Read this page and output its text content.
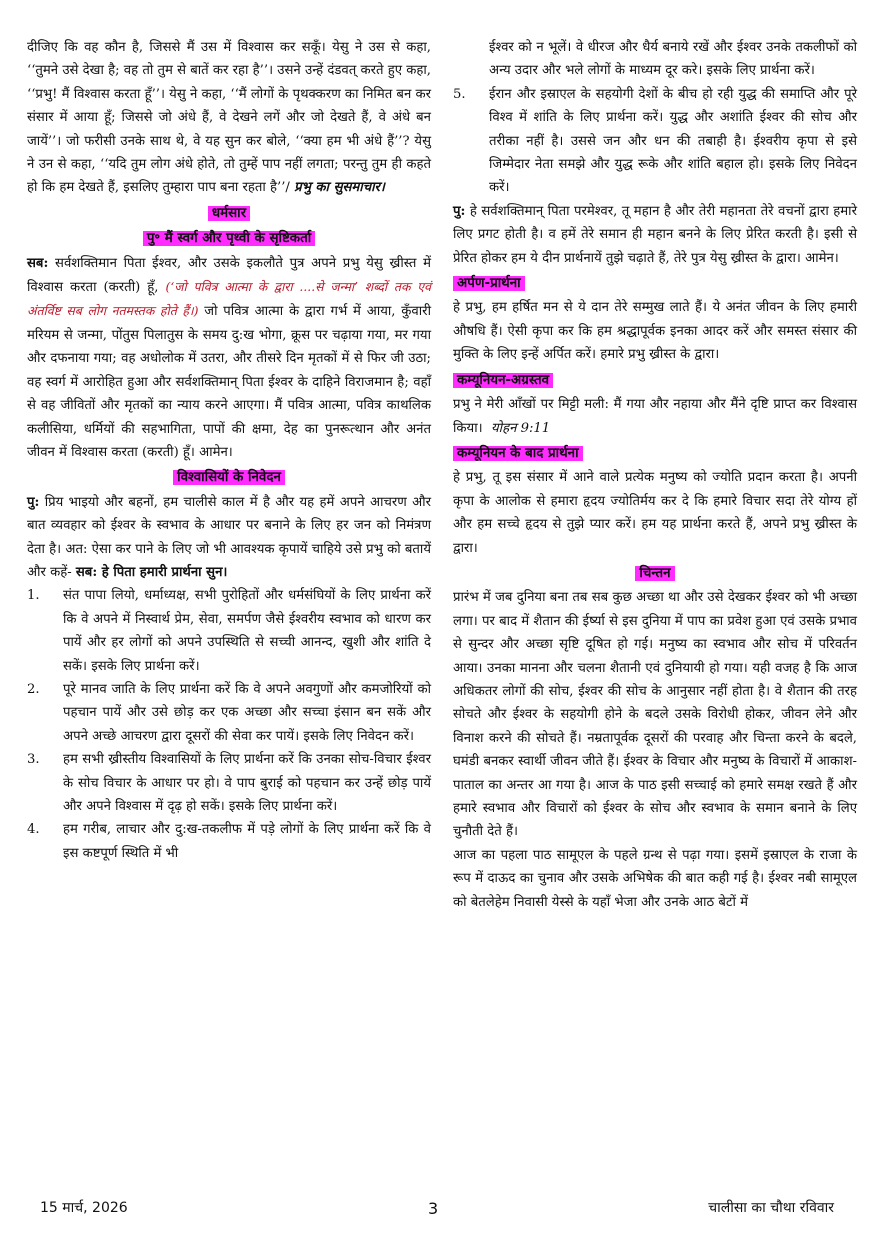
दीजिए कि वह कौन है, जिससे मैं उस में विश्वास कर सकूँ। येसु ने उस से कहा, ‘‘तुमने उसे देखा है; वह तो तुम से बातें कर रहा है’’। उसने उन्हें दंडवत् करते हुए कहा, ‘‘प्रभु! मैं विश्वास करता हूँ’’। येसु ने कहा, ‘‘मैं लोगों के पृथक्करण का निमित बन कर संसार में आया हूँ; जिससे जो अंधे हैं, वे देखने लगें और जो देखते हैं, वे अंधे बन जायें’’। जो फरीसी उनके साथ थे, वे यह सुन कर बोले, ‘‘क्या हम भी अंधे हैं’’? येसु ने उन से कहा, ‘‘यदि तुम लोग अंधे होते, तो तुम्हें पाप नहीं लगता; परन्तु तुम ही कहते हो कि हम देखते हैं, इसलिए तुम्हारा पाप बना रहता है’’/ प्रभु का सुसमाचार।

धर्मसार
पु॰ मैं स्वर्ग और पृथ्वी के सृष्टिकर्ता

सब: सर्वशक्तिमान पिता ईश्वर, और उसके इकलौते पुत्र अपने प्रभु येसु ख्रीस्त में विश्वास करता (करती) हूँ, (‘जो पवित्र आत्मा के द्वारा ....से जन्मा’ शब्दों तक एवं अंतर्विष्ट सब लोग नतमस्तक होते हैं।) जो पवित्र आत्मा के द्वारा गर्भ में आया, कुँवारी मरियम से जन्मा, पोंतुस पिलातुस के समय दु:ख भोगा, क्रूस पर चढ़ाया गया, मर गया और दफनाया गया; वह अधोलोक में उतरा, और तीसरे दिन मृतकों में से फिर जी उठा; वह स्वर्ग में आरोहित हुआ और सर्वशक्तिमान् पिता ईश्वर के दाहिने विराजमान है; वहाँ से वह जीवितों और मृतकों का न्याय करने आएगा। मैं पवित्र आत्मा, पवित्र काथलिक कलीसिया, धर्मियों की सहभागिता, पापों की क्षमा, देह का पुनरूत्थान और अनंत जीवन में विश्वास करता (करती) हूँ। आमेन।

विश्वासियों के निवेदन

पु: प्रिय भाइयो और बहनों, हम चालीसे काल में है और यह हमें अपने आचरण और बात व्यवहार को ईश्वर के स्वभाव के आधार पर बनाने के लिए हर जन को निमंत्रण देता है। अत: ऐसा कर पाने के लिए जो भी आवश्यक कृपायें चाहिये उसे प्रभु को बतायें और कहें- सब: हे पिता हमारी प्रार्थना सुन।

1.	संत पापा लियो, धर्माध्यक्ष, सभी पुरोहितों और धर्मसंघियों के लिए प्रार्थना करें कि वे अपने में निस्वार्थ प्रेम, सेवा, समर्पण जैसे ईश्वरीय स्वभाव को धारण कर पायें और हर लोगों को अपने उपस्थिति से सच्ची आनन्द, खुशी और शांति दे सकें। इसके लिए प्रार्थना करें।
2.	पूरे मानव जाति के लिए प्रार्थना करें कि वे अपने अवगुणों और कमजोरियों को पहचान पायें और उसे छोड़ कर एक अच्छा और सच्चा इंसान बन सकें और अपने अच्छे आचरण द्वारा दूसरों की सेवा कर पायें। इसके लिए निवेदन करें।
3.	हम सभी ख्रीस्तीय विश्वासियों के लिए प्रार्थना करें कि उनका सोच-विचार ईश्वर के सोच विचार के आधार पर हो। वे पाप बुराई को पहचान कर उन्हें छोड़ पायें और अपने विश्वास में दृढ़ हो सकें। इसके लिए प्रार्थना करें।
4.	हम गरीब, लाचार और दु:ख-तकलीफ में पड़े लोगों के लिए प्रार्थना करें कि वे इस कष्टपूर्ण स्थिति में भी
ईश्वर को न भूलें। वे धीरज और धैर्य बनाये रखें और ईश्वर उनके तकलीफों को अन्य उदार और भले लोगों के माध्यम दूर करे। इसके लिए प्रार्थना करें।
5.	ईरान और इस्राएल के सहयोगी देशों के बीच हो रही युद्ध की समाप्ति और पूरे विश्व में शांति के लिए प्रार्थना करें। युद्ध और अशांति ईश्वर की सोच और तरीका नहीं है। उससे जन और धन की तबाही है। ईश्वरीय कृपा से इसे जिम्मेदार नेता समझे और युद्ध रूके और शांति बहाल हो। इसके लिए निवेदन करें।

पु: हे सर्वशक्तिमान् पिता परमेश्वर, तू महान है और तेरी महानता तेरे वचनों द्वारा हमारे लिए प्रगट होती है। व हमें तेरे समान ही महान बनने के लिए प्रेरित करती है। इसी से प्रेरित होकर हम ये दीन प्रार्थनायें तुझे चढ़ाते हैं, तेरे पुत्र येसु ख्रीस्त के द्वारा। आमेन।

अर्पण-प्रार्थना

हे प्रभु, हम हर्षित मन से ये दान तेरे सम्मुख लाते हैं। ये अनंत जीवन के लिए हमारी औषधि हैं। ऐसी कृपा कर कि हम श्रद्धापूर्वक इनका आदर करें और समस्त संसार की मुक्ति के लिए इन्हें अर्पित करें। हमारे प्रभु ख्रीस्त के द्वारा।

कम्यूनियन-अग्रस्तव

प्रभु ने मेरी आँखों पर मिट्टी मली: मैं गया और नहाया और मैंने दृष्टि प्राप्त कर विश्वास किया। योहन 9:11

कम्यूनियन के बाद प्रार्थना

हे प्रभु, तू इस संसार में आने वाले प्रत्येक मनुष्य को ज्योति प्रदान करता है। अपनी कृपा के आलोक से हमारा हृदय ज्योतिर्मय कर दे कि हमारे विचार सदा तेरे योग्य हों और हम सच्चे हृदय से तुझे प्यार करें। हम यह प्रार्थना करते हैं, अपने प्रभु ख्रीस्त के द्वारा।

चिन्तन

प्रारंभ में जब दुनिया बना तब सब कुछ अच्छा था और उसे देखकर ईश्वर को भी अच्छा लगा। पर बाद में शैतान की ईर्ष्या से इस दुनिया में पाप का प्रवेश हुआ एवं उसके प्रभाव से सुन्दर और अच्छा सृष्टि दूषित हो गई। मनुष्य का स्वभाव और सोच में परिवर्तन आया। उनका मानना और चलना शैतानी एवं दुनियायी हो गया। यही वजह है कि आज अधिकतर लोगों की सोच, ईश्वर की सोच के आनुसार नहीं होता है। वे शैतान की तरह सोचते और ईश्वर के सहयोगी होने के बदले उसके विरोधी होकर, जीवन लेने और विनाश करने की सोचते हैं। नम्रतापूर्वक दूसरों की परवाह और चिन्ता करने के बदले, घमंडी बनकर स्वार्थी जीवन जीते हैं। ईश्वर के विचार और मनुष्य के विचारों में आकाश-पाताल का अन्तर आ गया है। आज के पाठ इसी सच्चाई को हमारे समक्ष रखते हैं और हमारे स्वभाव और विचारों को ईश्वर के सोच और स्वभाव के समान बनाने के लिए चुनौती देते हैं।

आज का पहला पाठ सामूएल के पहले ग्रन्थ से पढ़ा गया। इसमें इस्राएल के राजा के रूप में दाऊद का चुनाव और उसके अभिषेक की बात कही गई है। ईश्वर नबी सामूएल को बेतलेहेम निवासी येस्से के यहाँ भेजा और उनके आठ बेटों में

15 मार्च, 2026	3	चालीसा का चौथा रविवार
